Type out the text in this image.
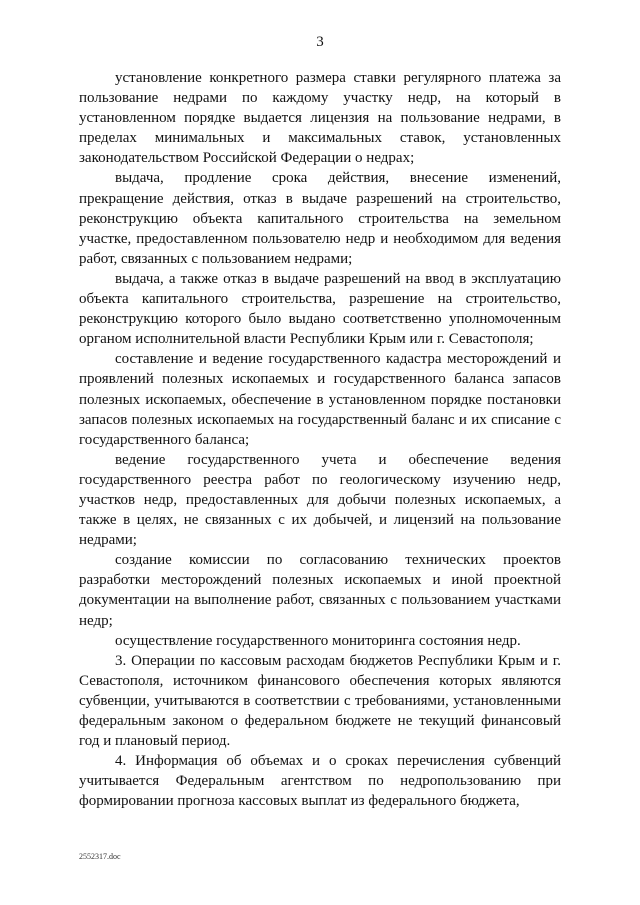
3

установление конкретного размера ставки регулярного платежа за пользование недрами по каждому участку недр, на который в установленном порядке выдается лицензия на пользование недрами, в пределах минимальных и максимальных ставок, установленных законодательством Российской Федерации о недрах;

выдача, продление срока действия, внесение изменений, прекращение действия, отказ в выдаче разрешений на строительство, реконструкцию объекта капитального строительства на земельном участке, предоставленном пользователю недр и необходимом для ведения работ, связанных с пользованием недрами;

выдача, а также отказ в выдаче разрешений на ввод в эксплуатацию объекта капитального строительства, разрешение на строительство, реконструкцию которого было выдано соответственно уполномоченным органом исполнительной власти Республики Крым или г. Севастополя;

составление и ведение государственного кадастра месторождений и проявлений полезных ископаемых и государственного баланса запасов полезных ископаемых, обеспечение в установленном порядке постановки запасов полезных ископаемых на государственный баланс и их списание с государственного баланса;

ведение государственного учета и обеспечение ведения государственного реестра работ по геологическому изучению недр, участков недр, предоставленных для добычи полезных ископаемых, а также в целях, не связанных с их добычей, и лицензий на пользование недрами;

создание комиссии по согласованию технических проектов разработки месторождений полезных ископаемых и иной проектной документации на выполнение работ, связанных с пользованием участками недр;

осуществление государственного мониторинга состояния недр.

3. Операции по кассовым расходам бюджетов Республики Крым и г. Севастополя, источником финансового обеспечения которых являются субвенции, учитываются в соответствии с требованиями, установленными федеральным законом о федеральном бюджете не текущий финансовый год и плановый период.

4. Информация об объемах и о сроках перечисления субвенций учитывается Федеральным агентством по недропользованию при формировании прогноза кассовых выплат из федерального бюджета,

2552317.doc
